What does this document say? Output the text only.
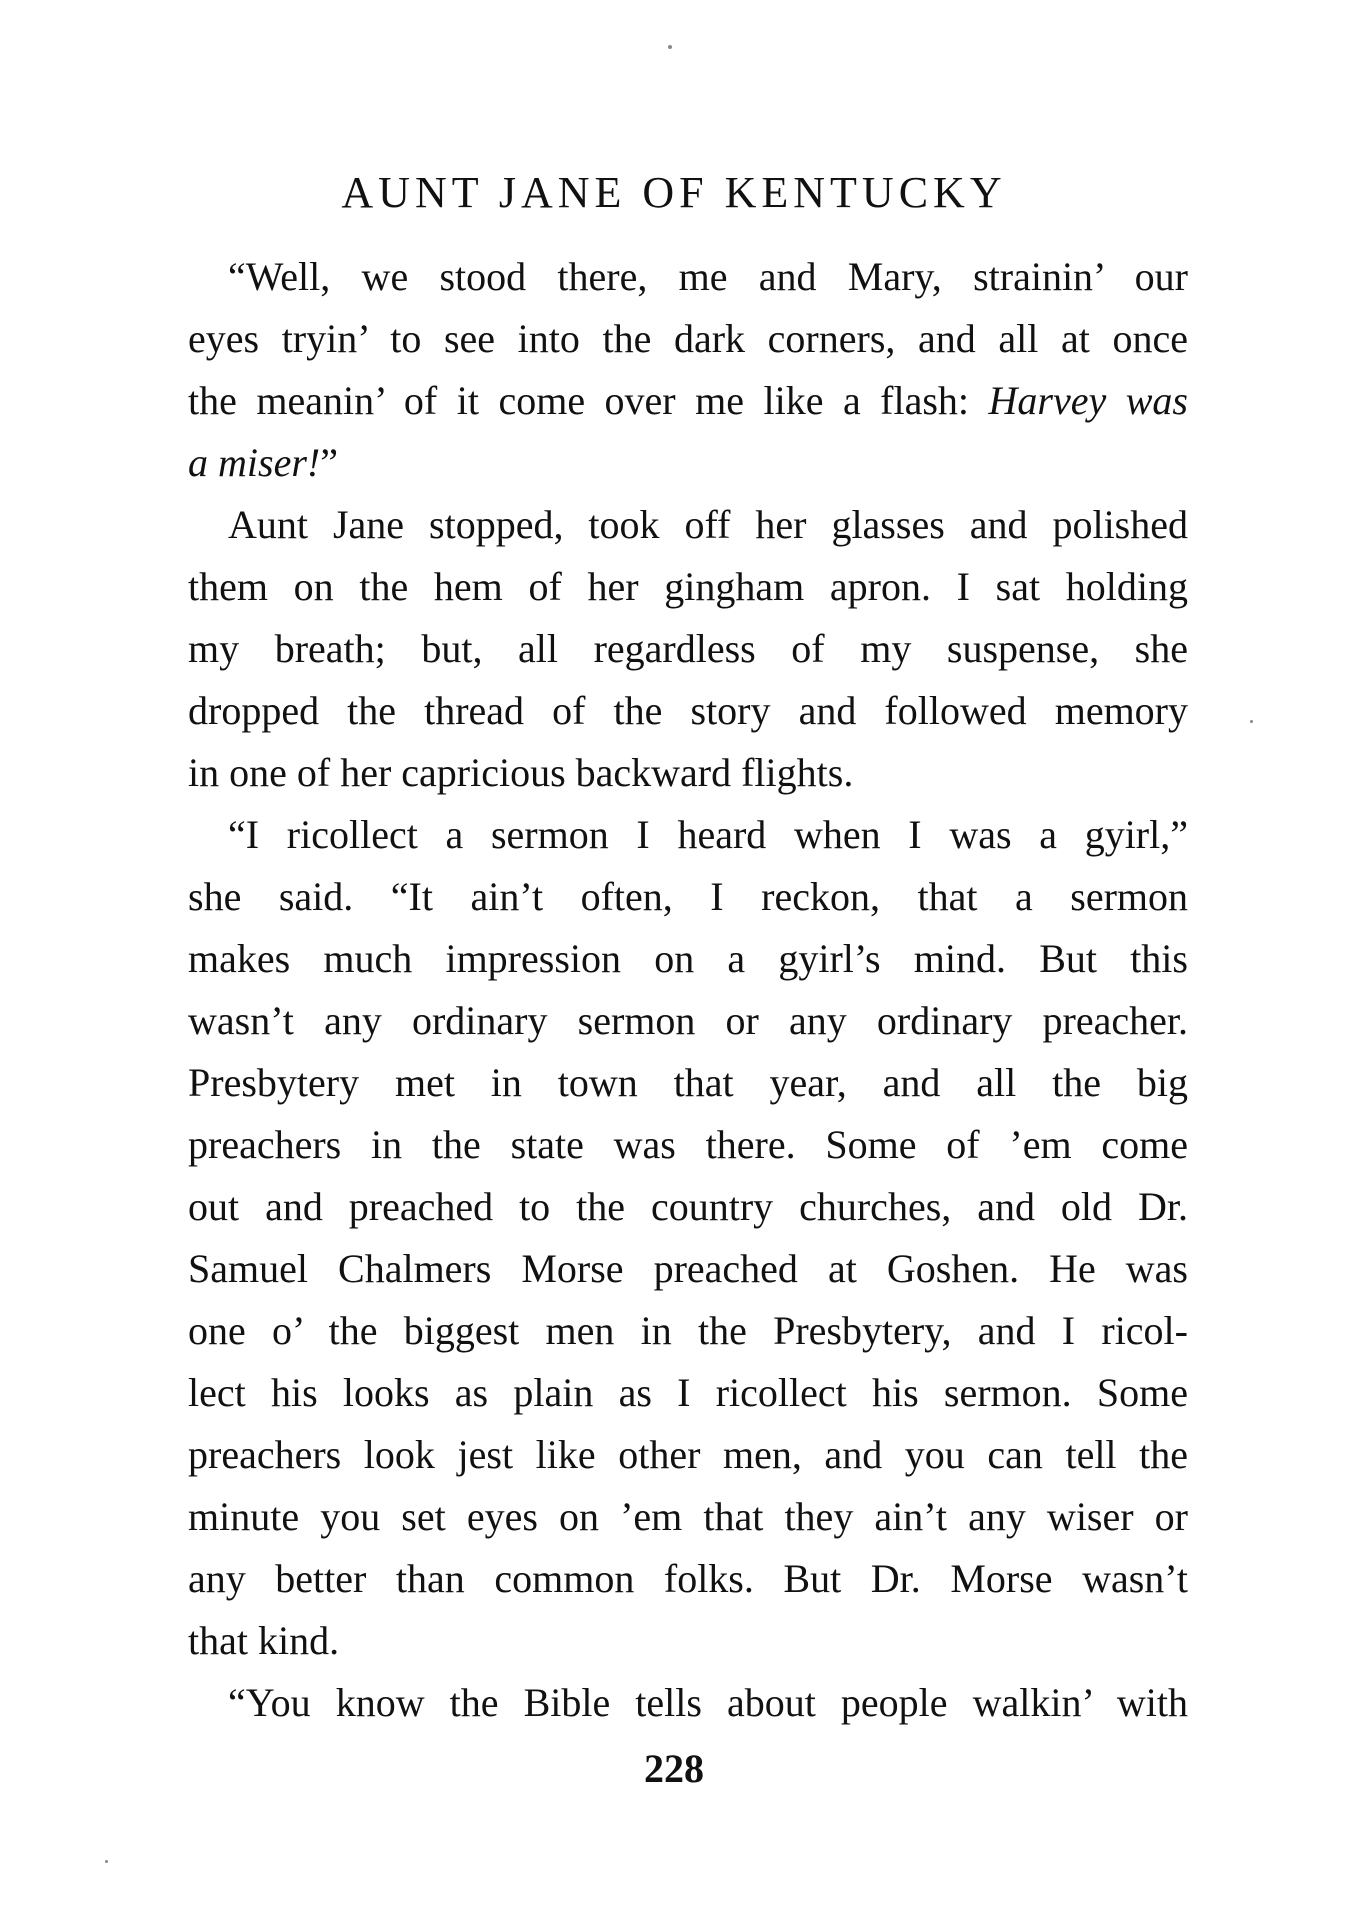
AUNT JANE OF KENTUCKY
“Well, we stood there, me and Mary, strainin’ our
eyes tryin’ to see into the dark corners, and all at once
the meanin’ of it come over me like a flash: Harvey was
a miser!”
Aunt Jane stopped, took off her glasses and polished
them on the hem of her gingham apron. I sat holding
my breath; but, all regardless of my suspense, she
dropped the thread of the story and followed memory
in one of her capricious backward flights.
“I ricollect a sermon I heard when I was a gyirl,”
she said. “It ain’t often, I reckon, that a sermon
makes much impression on a gyirl’s mind. But this
wasn’t any ordinary sermon or any ordinary preacher.
Presbytery met in town that year, and all the big
preachers in the state was there. Some of ’em come
out and preached to the country churches, and old Dr.
Samuel Chalmers Morse preached at Goshen. He was
one o’ the biggest men in the Presbytery, and I ricol-
lect his looks as plain as I ricollect his sermon. Some
preachers look jest like other men, and you can tell the
minute you set eyes on ’em that they ain’t any wiser or
any better than common folks. But Dr. Morse wasn’t
that kind.
“You know the Bible tells about people walkin’ with
228
